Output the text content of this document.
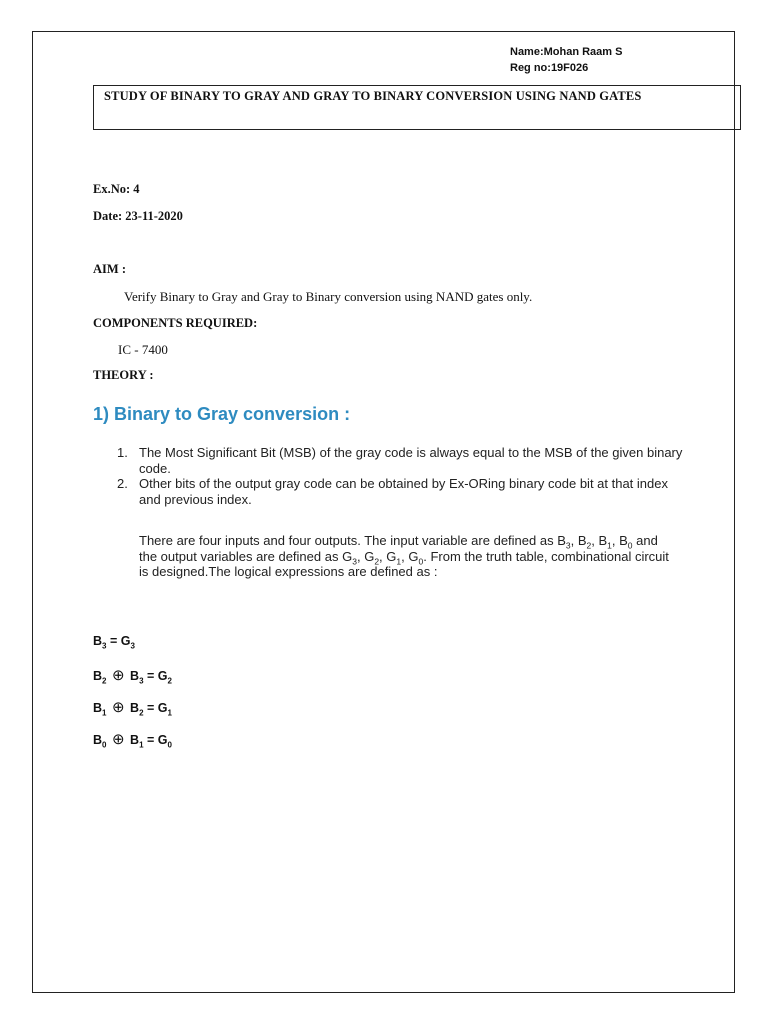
Name:Mohan Raam S
Reg no:19F026
STUDY OF BINARY TO GRAY AND GRAY TO BINARY CONVERSION USING NAND GATES
Ex.No: 4
Date: 23-11-2020
AIM :
Verify Binary to Gray and Gray to Binary conversion using NAND gates only.
COMPONENTS REQUIRED:
IC - 7400
THEORY :
1) Binary to Gray conversion :
1. The Most Significant Bit (MSB) of the gray code is always equal to the MSB of the given binary code.
2. Other bits of the output gray code can be obtained by Ex-ORing binary code bit at that index and previous index.
There are four inputs and four outputs. The input variable are defined as $B_3$, $B_2$, $B_1$, $B_0$ and the output variables are defined as $G_3$, $G_2$, $G_1$, $G_0$. From the truth table, combinational circuit is designed.The logical expressions are defined as :
$B_3 = G_3$
$B_2$ ⊕ $B_3 = G_2$
$B_1$ ⊕ $B_2 = G_1$
$B_0$ ⊕ $B_1 = G_0$
